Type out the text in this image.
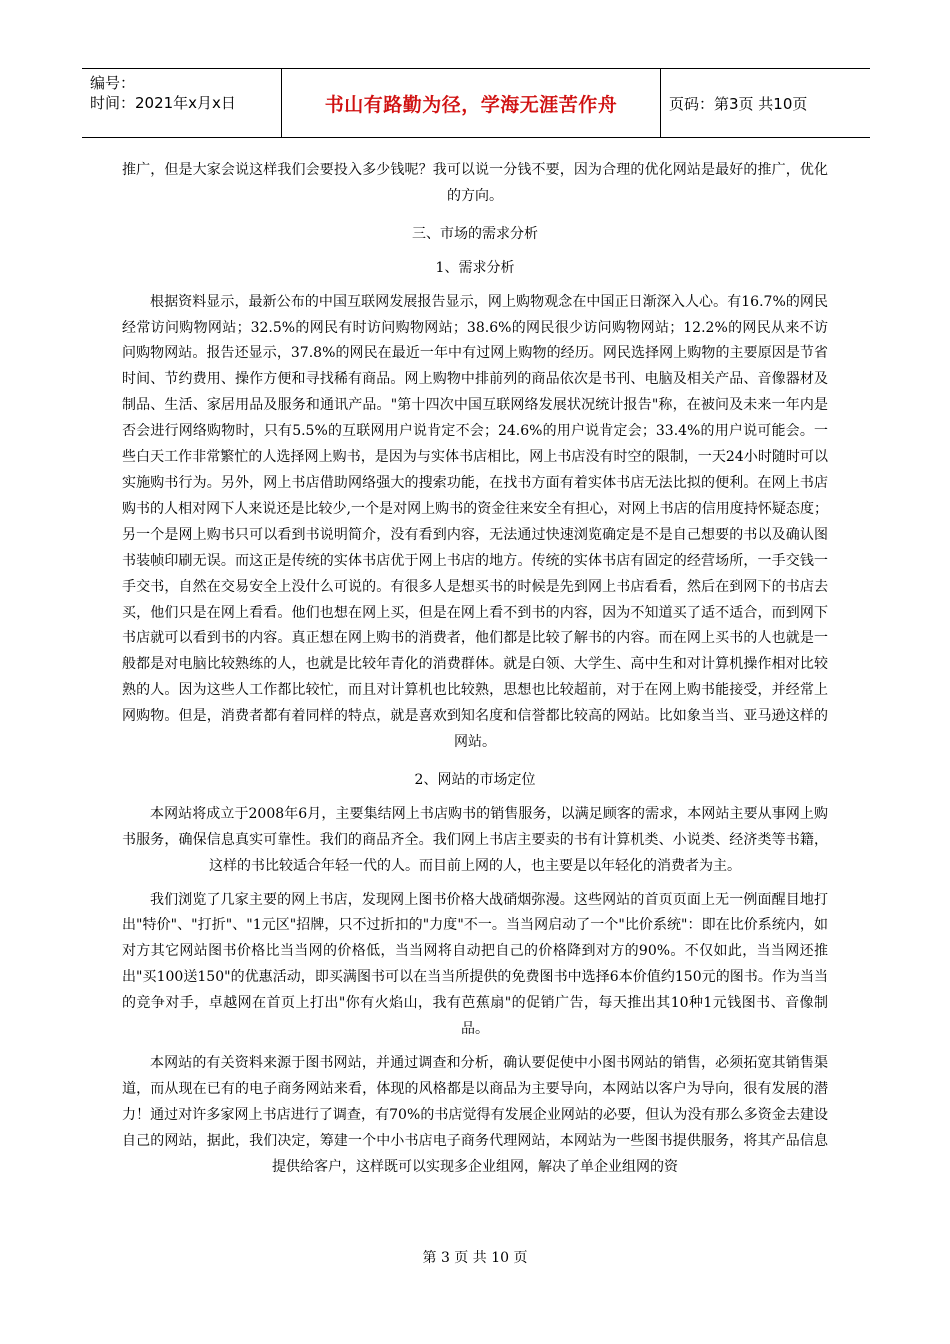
编号：
时间：2021年x月x日	书山有路勤为径，学海无涯苦作舟	页码：第3页 共10页

推广，但是大家会说这样我们会要投入多少钱呢？我可以说一分钱不要，因为合理的优化网站是最好的推广，优化的方向。

三、市场的需求分析
1、需求分析

根据资料显示，最新公布的中国互联网发展报告显示，网上购物观念在中国正日渐深入人心。有16.7%的网民经常访问购物网站；32.5%的网民有时访问购物网站；38.6%的网民很少访问购物网站；12.2%的网民从来不访问购物网站。报告还显示，37.8%的网民在最近一年中有过网上购物的经历。网民选择网上购物的主要原因是节省时间、节约费用、操作方便和寻找稀有商品。网上购物中排前列的商品依次是书刊、电脑及相关产品、音像器材及制品、生活、家居用品及服务和通讯产品。"第十四次中国互联网络发展状况统计报告"称，在被问及未来一年内是否会进行网络购物时，只有5.5%的互联网用户说肯定不会；24.6%的用户说肯定会；33.4%的用户说可能会。一些白天工作非常繁忙的人选择网上购书，是因为与实体书店相比，网上书店没有时空的限制，一天24小时随时可以实施购书行为。另外，网上书店借助网络强大的搜索功能，在找书方面有着实体书店无法比拟的便利。在网上书店购书的人相对网下人来说还是比较少,一个是对网上购书的资金往来安全有担心，对网上书店的信用度持怀疑态度；另一个是网上购书只可以看到书说明简介，没有看到内容，无法通过快速浏览确定是不是自己想要的书以及确认图书装帧印刷无误。而这正是传统的实体书店优于网上书店的地方。传统的实体书店有固定的经营场所，一手交钱一手交书，自然在交易安全上没什么可说的。有很多人是想买书的时候是先到网上书店看看，然后在到网下的书店去买，他们只是在网上看看。他们也想在网上买，但是在网上看不到书的内容，因为不知道买了适不适合，而到网下书店就可以看到书的内容。真正想在网上购书的消费者，他们都是比较了解书的内容。而在网上买书的人也就是一般都是对电脑比较熟练的人，也就是比较年青化的消费群体。就是白领、大学生、高中生和对计算机操作相对比较熟的人。因为这些人工作都比较忙，而且对计算机也比较熟，思想也比较超前，对于在网上购书能接受，并经常上网购物。但是，消费者都有着同样的特点，就是喜欢到知名度和信誉都比较高的网站。比如象当当、亚马逊这样的网站。

2、网站的市场定位

本网站将成立于2008年6月，主要集结网上书店购书的销售服务，以满足顾客的需求，本网站主要从事网上购书服务，确保信息真实可靠性。我们的商品齐全。我们网上书店主要卖的书有计算机类、小说类、经济类等书籍，这样的书比较适合年轻一代的人。而目前上网的人，也主要是以年轻化的消费者为主。

我们浏览了几家主要的网上书店，发现网上图书价格大战硝烟弥漫。这些网站的首页页面上无一例面醒目地打出"特价"、"打折"、"1元区"招牌，只不过折扣的"力度"不一。当当网启动了一个"比价系统"：即在比价系统内，如对方其它网站图书价格比当当网的价格低，当当网将自动把自己的价格降到对方的90%。不仅如此，当当网还推出"买100送150"的优惠活动，即买满图书可以在当当所提供的免费图书中选择6本价值约150元的图书。作为当当的竞争对手，卓越网在首页上打出"你有火焰山，我有芭蕉扇"的促销广告，每天推出其10种1元钱图书、音像制品。

本网站的有关资料来源于图书网站，并通过调查和分析，确认要促使中小图书网站的销售，必须拓宽其销售渠道，而从现在已有的电子商务网站来看，体现的风格都是以商品为主要导向，本网站以客户为导向，很有发展的潜力！通过对许多家网上书店进行了调查，有70%的书店觉得有发展企业网站的必要，但认为没有那么多资金去建设自己的网站，据此，我们决定，筹建一个中小书店电子商务代理网站，本网站为一些图书提供服务，将其产品信息提供给客户，这样既可以实现多企业组网，解决了单企业组网的资

第 3 页 共 10 页
